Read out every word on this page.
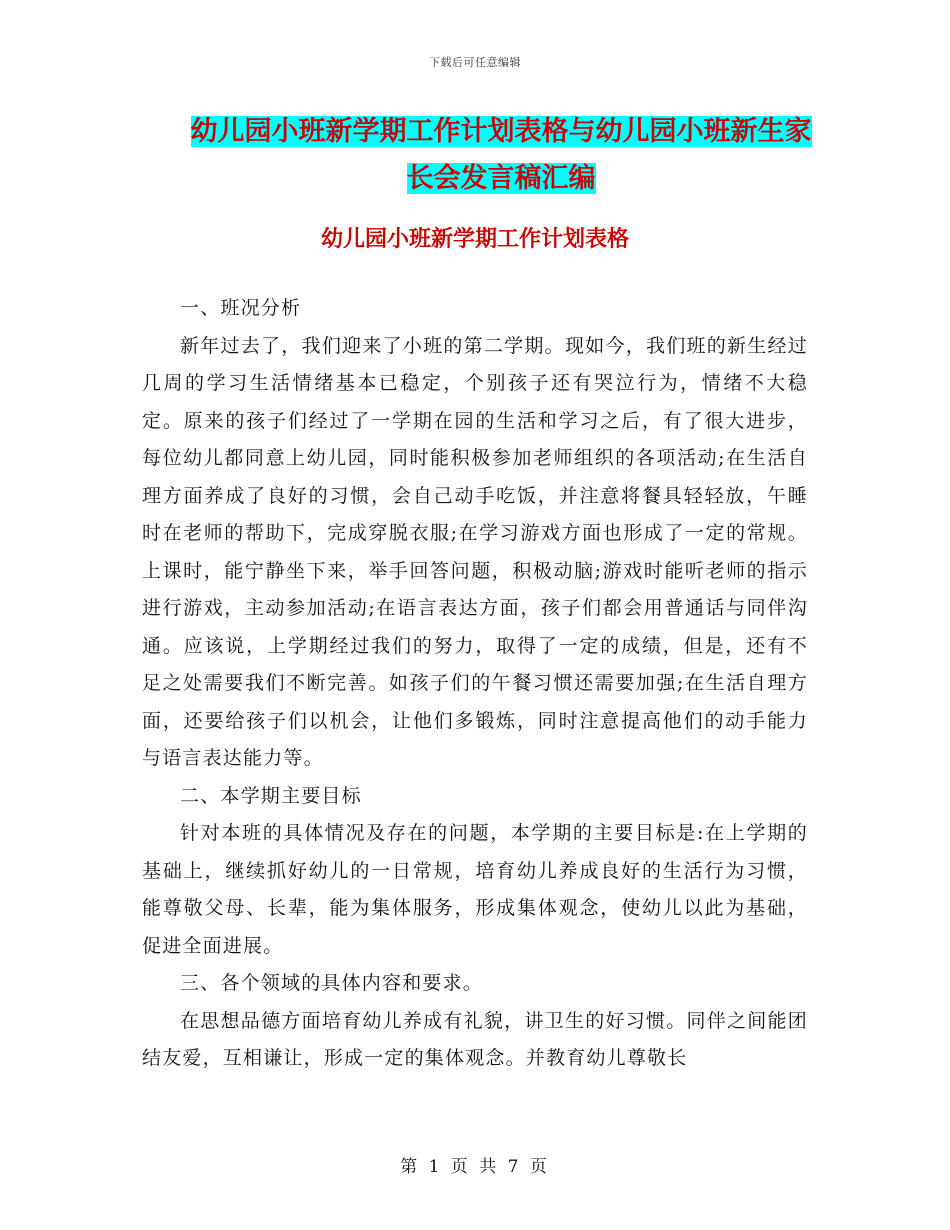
下载后可任意编辑
幼儿园小班新学期工作计划表格与幼儿园小班新生家
长会发言稿汇编
幼儿园小班新学期工作计划表格

一、班况分析

新年过去了，我们迎来了小班的第二学期。现如今，我们班的新生经过几周的学习生活情绪基本已稳定，个别孩子还有哭泣行为，情绪不大稳定。原来的孩子们经过了一学期在园的生活和学习之后，有了很大进步，每位幼儿都同意上幼儿园，同时能积极参加老师组织的各项活动;在生活自理方面养成了良好的习惯，会自己动手吃饭，并注意将餐具轻轻放，午睡时在老师的帮助下，完成穿脱衣服;在学习游戏方面也形成了一定的常规。上课时，能宁静坐下来，举手回答问题，积极动脑;游戏时能听老师的指示进行游戏，主动参加活动;在语言表达方面，孩子们都会用普通话与同伴沟通。应该说，上学期经过我们的努力，取得了一定的成绩，但是，还有不足之处需要我们不断完善。如孩子们的午餐习惯还需要加强;在生活自理方面，还要给孩子们以机会，让他们多锻炼，同时注意提高他们的动手能力与语言表达能力等。

二、本学期主要目标

针对本班的具体情况及存在的问题，本学期的主要目标是:在上学期的基础上，继续抓好幼儿的一日常规，培育幼儿养成良好的生活行为习惯，能尊敬父母、长辈，能为集体服务，形成集体观念，使幼儿以此为基础，促进全面进展。

三、各个领域的具体内容和要求。

在思想品德方面培育幼儿养成有礼貌，讲卫生的好习惯。同伴之间能团结友爱，互相谦让，形成一定的集体观念。并教育幼儿尊敬长

第 1 页 共 7 页
